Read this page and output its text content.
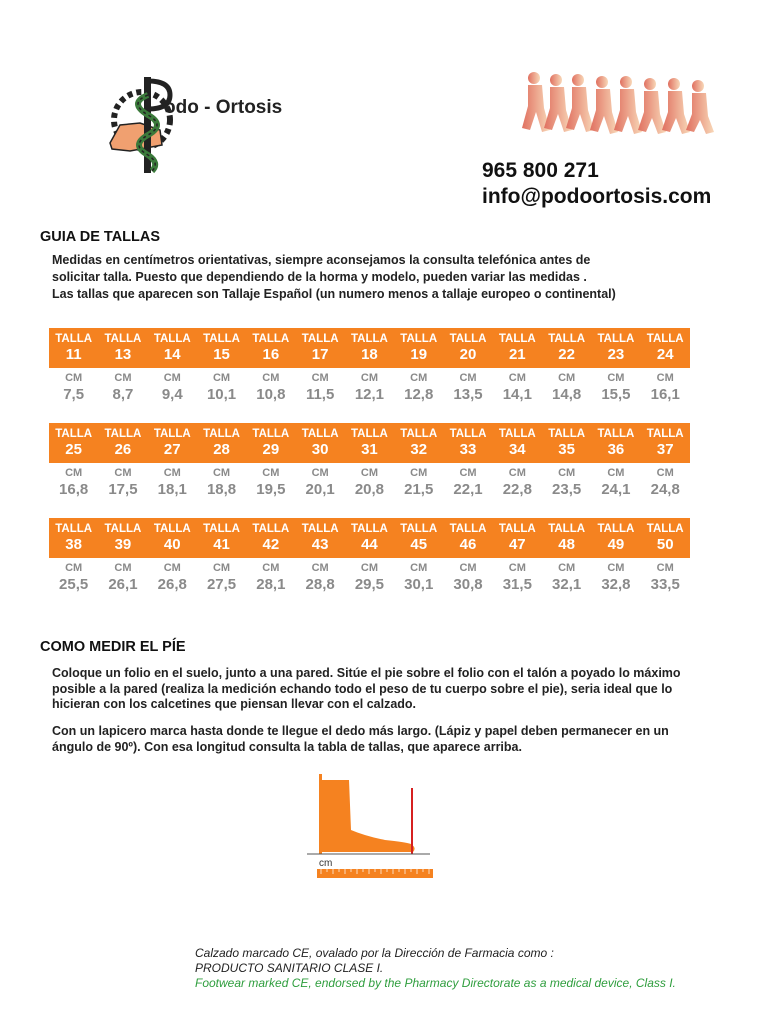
odo - Ortosis
965 800 271
info@podoortosis.com
GUIA DE TALLAS
Medidas en centímetros orientativas, siempre aconsejamos la consulta telefónica antes de
solicitar talla. Puesto que dependiendo de la horma y modelo, pueden variar las medidas .
Las tallas que aparecen son Tallaje Español (un numero menos a tallaje europeo o continental)
TALLA
11
TALLA
13
TALLA
14
TALLA
15
TALLA
16
TALLA
17
TALLA
18
TALLA
19
TALLA
20
TALLA
21
TALLA
22
TALLA
23
TALLA
24
CM
7,5
CM
8,7
CM
9,4
CM
10,1
CM
10,8
CM
11,5
CM
12,1
CM
12,8
CM
13,5
CM
14,1
CM
14,8
CM
15,5
CM
16,1
TALLA
25
TALLA
26
TALLA
27
TALLA
28
TALLA
29
TALLA
30
TALLA
31
TALLA
32
TALLA
33
TALLA
34
TALLA
35
TALLA
36
TALLA
37
CM
16,8
CM
17,5
CM
18,1
CM
18,8
CM
19,5
CM
20,1
CM
20,8
CM
21,5
CM
22,1
CM
22,8
CM
23,5
CM
24,1
CM
24,8
TALLA
38
TALLA
39
TALLA
40
TALLA
41
TALLA
42
TALLA
43
TALLA
44
TALLA
45
TALLA
46
TALLA
47
TALLA
48
TALLA
49
TALLA
50
CM
25,5
CM
26,1
CM
26,8
CM
27,5
CM
28,1
CM
28,8
CM
29,5
CM
30,1
CM
30,8
CM
31,5
CM
32,1
CM
32,8
CM
33,5
COMO MEDIR EL PÍE
Coloque un folio en el suelo, junto a una pared. Sitúe el pie sobre el folio con el talón a poyado lo máximo
posible a la pared (realiza la medición echando todo el peso de tu cuerpo sobre el pie), seria ideal que lo
hicieran con los calcetines que piensan llevar con el calzado.
Con un lapicero marca hasta donde te llegue el dedo más largo. (Lápiz y papel deben permanecer en un
ángulo de 90º). Con esa longitud consulta la tabla de tallas, que aparece arriba.
cm
Calzado marcado CE, ovalado por la Dirección de Farmacia como :
PRODUCTO SANITARIO CLASE I.
Footwear marked CE, endorsed by the Pharmacy Directorate as a medical device, Class I.
